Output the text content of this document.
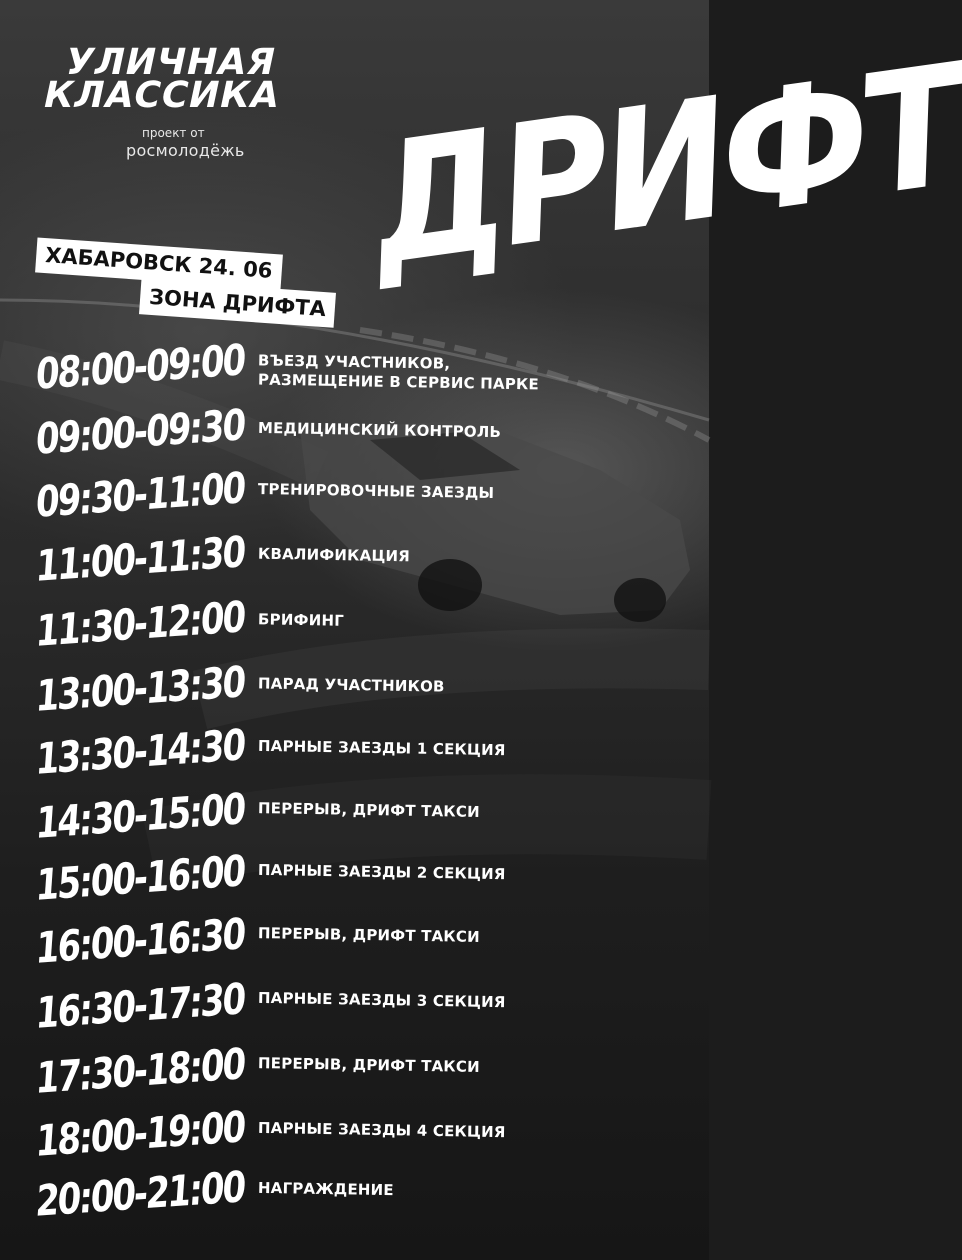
УЛИЧНАЯ
КЛАССИКА
проект от
росмолодёжь ДРИФТ
ХАБАРОВСК 24. 06
ЗОНА ДРИФТА
08:00-09:00 ВЪЕЗД УЧАСТНИКОВ,
РАЗМЕЩЕНИЕ В СЕРВИС ПАРКЕ
09:00-09:30 МЕДИЦИНСКИЙ КОНТРОЛЬ
09:30-11:00 ТРЕНИРОВОЧНЫЕ ЗАЕЗДЫ
11:00-11:30 КВАЛИФИКАЦИЯ
11:30-12:00 БРИФИНГ
13:00-13:30 ПАРАД УЧАСТНИКОВ
13:30-14:30 ПАРНЫЕ ЗАЕЗДЫ 1 СЕКЦИЯ
14:30-15:00 ПЕРЕРЫВ, ДРИФТ ТАКСИ
15:00-16:00 ПАРНЫЕ ЗАЕЗДЫ 2 СЕКЦИЯ
16:00-16:30 ПЕРЕРЫВ, ДРИФТ ТАКСИ
16:30-17:30 ПАРНЫЕ ЗАЕЗДЫ 3 СЕКЦИЯ
17:30-18:00 ПЕРЕРЫВ, ДРИФТ ТАКСИ
18:00-19:00 ПАРНЫЕ ЗАЕЗДЫ 4 СЕКЦИЯ
20:00-21:00 НАГРАЖДЕНИЕ
